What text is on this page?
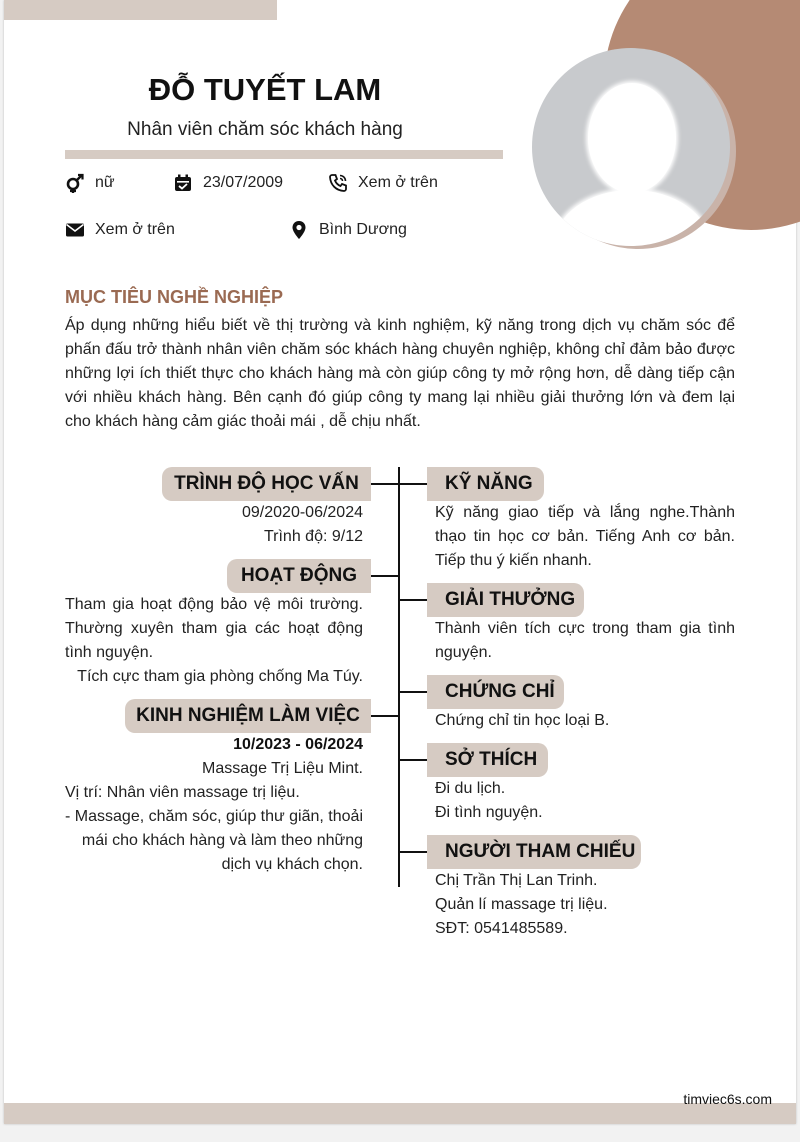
ĐỖ TUYẾT LAM
Nhân viên chăm sóc khách hàng
nữ	23/07/2009	Xem ở trên
Xem ở trên	Bình Dương
MỤC TIÊU NGHỀ NGHIỆP
Áp dụng những hiểu biết về thị trường và kinh nghiệm, kỹ năng trong dịch vụ chăm sóc để phấn đấu trở thành nhân viên chăm sóc khách hàng chuyên nghiệp, không chỉ đảm bảo được những lợi ích thiết thực cho khách hàng mà còn giúp công ty mở rộng hơn, dễ dàng tiếp cận với nhiều khách hàng. Bên cạnh đó giúp công ty mang lại nhiều giải thưởng lớn và đem lại cho khách hàng cảm giác thoải mái , dễ chịu nhất.
TRÌNH ĐỘ HỌC VẤN
09/2020-06/2024
Trình độ: 9/12
HOẠT ĐỘNG
Tham gia hoạt động bảo vệ môi trường. Thường xuyên tham gia các hoạt động tình nguyện.
Tích cực tham gia phòng chống Ma Túy.
KINH NGHIỆM LÀM VIỆC
10/2023 - 06/2024
Massage Trị Liệu Mint.
Vị trí: Nhân viên massage trị liệu.
- Massage, chăm sóc, giúp thư giãn, thoải mái cho khách hàng và làm theo những dịch vụ khách chọn.
KỸ NĂNG
Kỹ năng giao tiếp và lắng nghe.Thành thạo tin học cơ bản. Tiếng Anh cơ bản. Tiếp thu ý kiến nhanh.
GIẢI THƯỞNG
Thành viên tích cực trong tham gia tình nguyện.
CHỨNG CHỈ
Chứng chỉ tin học loại B.
SỞ THÍCH
Đi du lịch.
Đi tình nguyện.
NGƯỜI THAM CHIẾU
Chị Trần Thị Lan Trinh.
Quản lí massage trị liệu.
SĐT: 0541485589.
timviec6s.com
